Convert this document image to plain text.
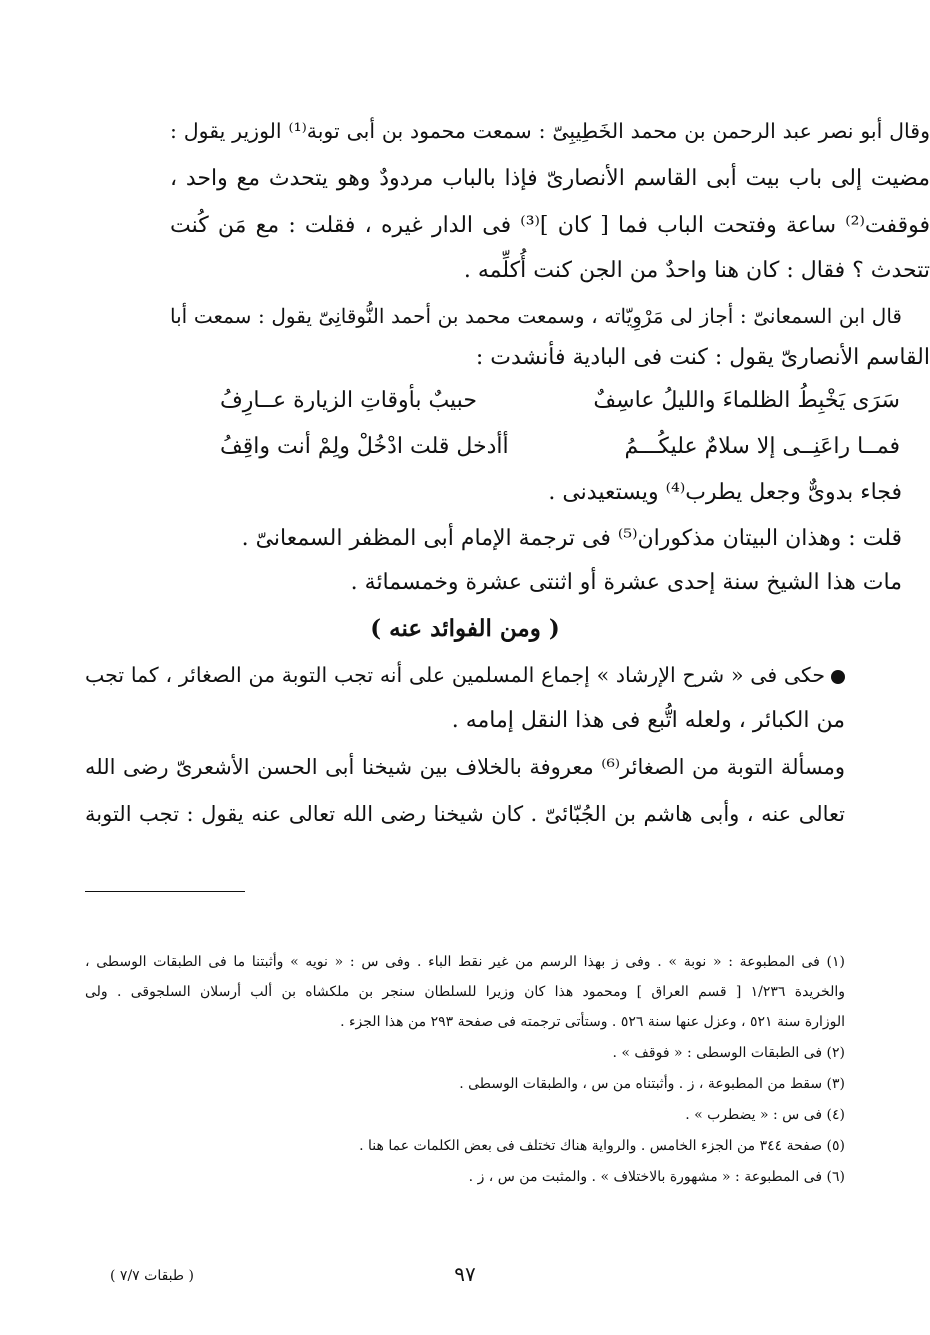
وقال أبو نصر عبد الرحمن بن محمد الخَطِيبِىّ : سمعت محمود بن أبى توبة⁽¹⁾ الوزير يقول :
مضيت إلى باب بيت أبى القاسم الأنصارىّ فإذا بالباب مردودٌ وهو يتحدث مع واحد ،
فوقفت⁽²⁾ ساعة وفتحت الباب فما [ كان ]⁽³⁾ فى الدار غيره ، فقلت : مع مَن كُنت
تتحدث ؟ فقال : كان هنا واحدٌ من الجن كنت أُكلِّمه .
قال ابن السمعانىّ : أجاز لى مَرْوِيّاته ، وسمعت محمد بن أحمد النُّوقانِىّ يقول : سمعت أبا
القاسم الأنصارىّ يقول : كنت فى البادية فأنشدت :
سَرَى يَخْبِطُ الظلماءَ والليلُ عاسِفٌ
حبيبٌ بأوقاتِ الزيارة عــارِفُ
فمــا راعَنِــى إلا سلامٌ عليكُـــمُ
أأدخل قلت ادْخُلْ ولِمْ أنت واقِفُ
فجاء بدوىٌّ وجعل يطرب⁽⁴⁾ ويستعيدنى .
قلت : وهذان البيتان مذكوران⁽⁵⁾ فى ترجمة الإمام أبى المظفر السمعانىّ .
مات هذا الشيخ سنة إحدى عشرة أو اثنتى عشرة وخمسمائة .
( ومن الفوائد عنه )
حكى فى « شرح الإرشاد » إجماع المسلمين على أنه تجب التوبة من الصغائر ، كما تجب
من الكبائر ، ولعله اتُّبع فى هذا النقل إمامه .
ومسألة التوبة من الصغائر⁽⁶⁾ معروفة بالخلاف بين شيخنا أبى الحسن الأشعرىّ رضى الله
تعالى عنه ، وأبى هاشم بن الجُبّائىّ . كان شيخنا رضى الله تعالى عنه يقول : تجب التوبة
(١) فى المطبوعة : « نوبة » . وفى ز بهذا الرسم من غير نقط الباء . وفى س : « نويه » وأثبتنا ما فى الطبقات الوسطى ،
والخريدة ١/٢٣٦ [ قسم العراق ] ومحمود هذا كان وزيرا للسلطان سنجر بن ملكشاه بن ألب أرسلان السلجوقى . ولى
الوزارة سنة ٥٢١ ، وعزل عنها سنة ٥٢٦ . وستأتى ترجمته فى صفحة ٢٩٣ من هذا الجزء .
(٢) فى الطبقات الوسطى : « فوقف » .
(٣) سقط من المطبوعة ، ز . وأثبتناه من س ، والطبقات الوسطى .
(٤) فى س : « يضطرب » .
(٥) صفحة ٣٤٤ من الجزء الخامس . والرواية هناك تختلف فى بعض الكلمات عما هنا .
(٦) فى المطبوعة : « مشهورة بالاختلاف » . والمثبت من س ، ز .
٩٧
( طبقات ٧/٧ )
